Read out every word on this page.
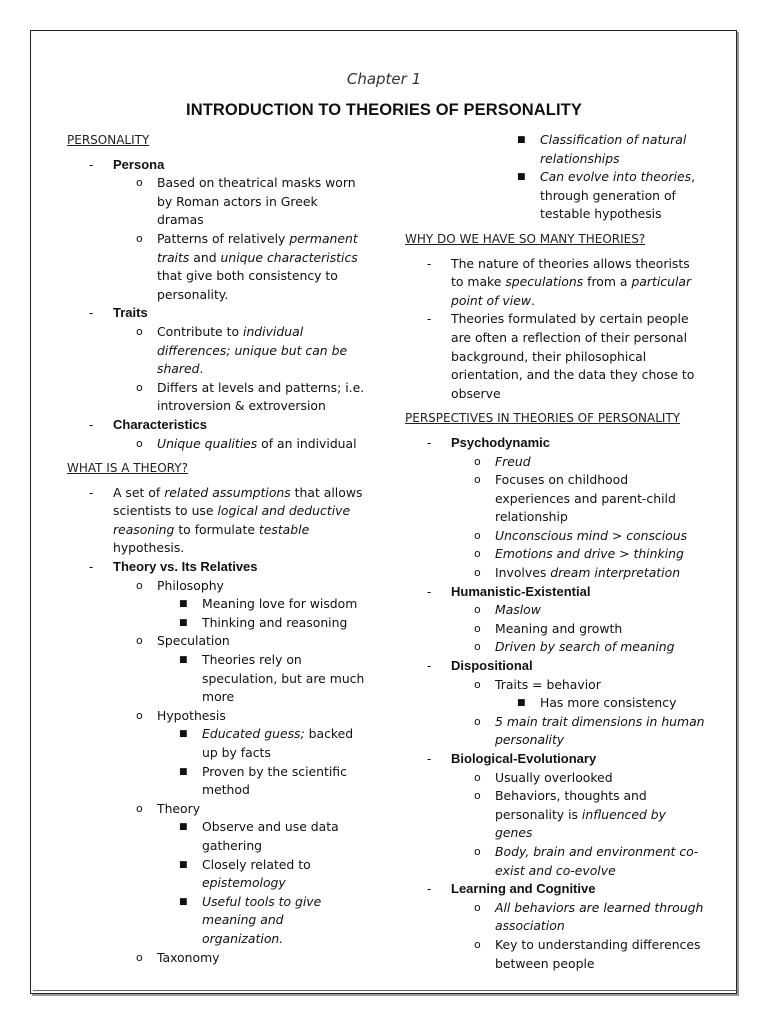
Chapter 1
INTRODUCTION TO THEORIES OF PERSONALITY
PERSONALITY
- Persona
o Based on theatrical masks worn by Roman actors in Greek dramas
o Patterns of relatively permanent traits and unique characteristics that give both consistency to personality.
- Traits
o Contribute to individual differences; unique but can be shared.
o Differs at levels and patterns; i.e. introversion & extroversion
- Characteristics
o Unique qualities of an individual
WHAT IS A THEORY?
- A set of related assumptions that allows scientists to use logical and deductive reasoning to formulate testable hypothesis.
- Theory vs. Its Relatives
o Philosophy
■ Meaning love for wisdom
■ Thinking and reasoning
o Speculation
■ Theories rely on speculation, but are much more
o Hypothesis
■ Educated guess; backed up by facts
■ Proven by the scientific method
o Theory
■ Observe and use data gathering
■ Closely related to epistemology
■ Useful tools to give meaning and organization.
o Taxonomy
■ Classification of natural relationships
■ Can evolve into theories, through generation of testable hypothesis
WHY DO WE HAVE SO MANY THEORIES?
- The nature of theories allows theorists to make speculations from a particular point of view.
- Theories formulated by certain people are often a reflection of their personal background, their philosophical orientation, and the data they chose to observe
PERSPECTIVES IN THEORIES OF PERSONALITY
- Psychodynamic
o Freud
o Focuses on childhood experiences and parent-child relationship
o Unconscious mind > conscious
o Emotions and drive > thinking
o Involves dream interpretation
- Humanistic-Existential
o Maslow
o Meaning and growth
o Driven by search of meaning
- Dispositional
o Traits = behavior
■ Has more consistency
o 5 main trait dimensions in human personality
- Biological-Evolutionary
o Usually overlooked
o Behaviors, thoughts and personality is influenced by genes
o Body, brain and environment co-exist and co-evolve
- Learning and Cognitive
o All behaviors are learned through association
o Key to understanding differences between people
